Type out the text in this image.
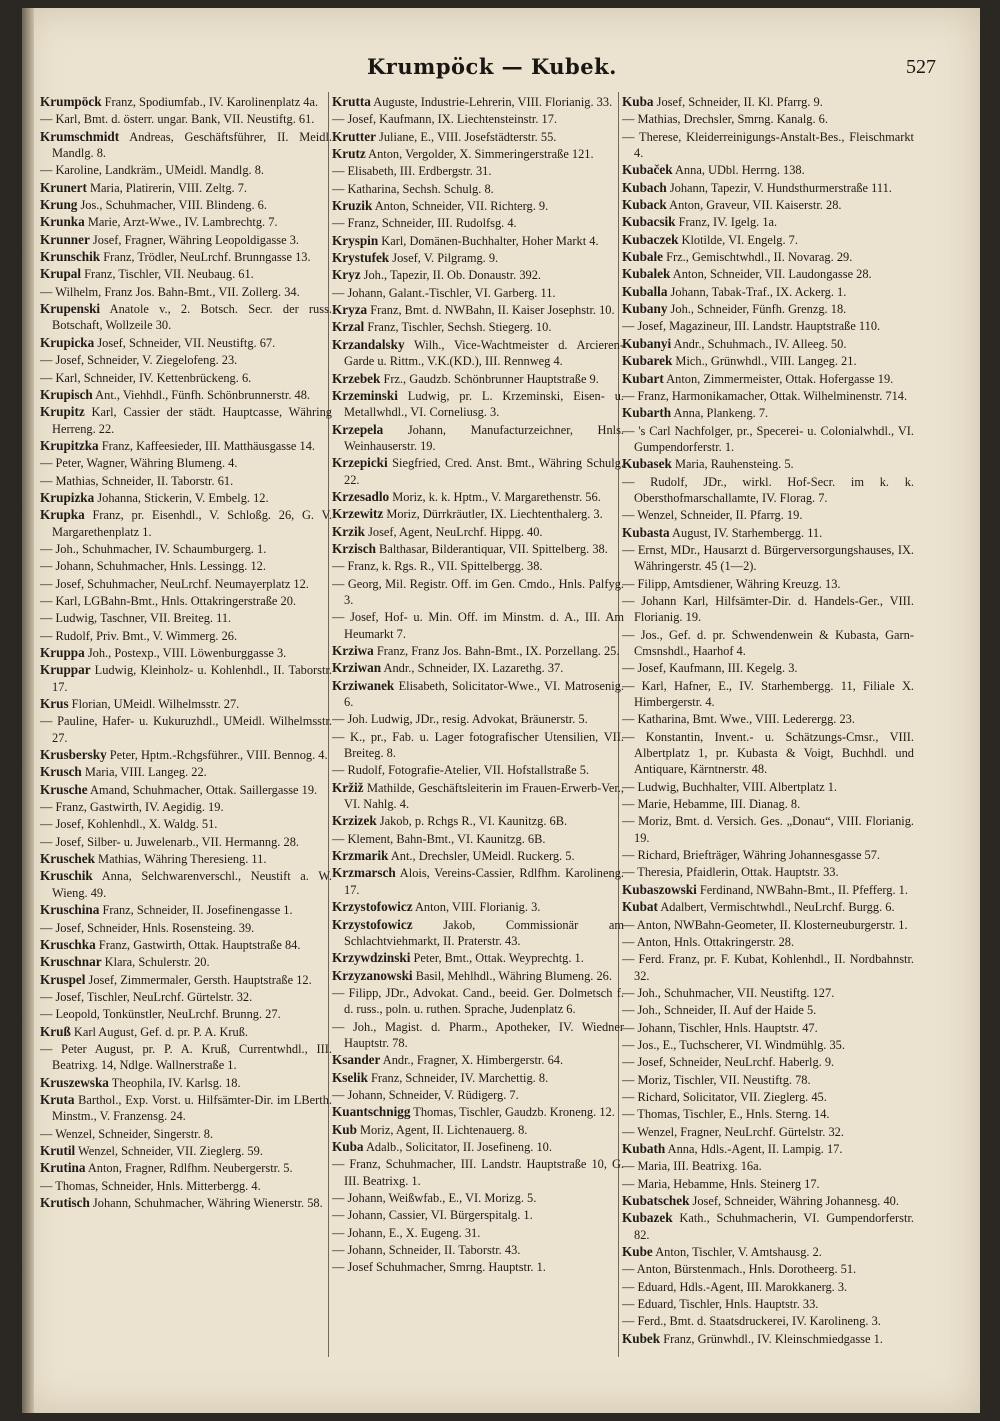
Krumpöck — Kubek.	527
Krumpöck Franz, Spodiumfab., IV. Karolinenplatz 4a.
— Karl, Bmt. d. österr. ungar. Bank, VII. Neustiftg. 61.
Krumschmidt Andreas, Geschäftsführer, II. Meidl. Mandlg. 8.
— Karoline, Landkräm., UMeidl. Mandlg. 8.
Krunert Maria, Platirerin, VIII. Zeltg. 7.
Krung Jos., Schuhmacher, VIII. Blindeng. 6.
Krunka Marie, Arzt-Wwe., IV. Lambrechtg. 7.
Krunner Josef, Fragner, Währing Leopoldigasse 3.
Krunschik Franz, Trödler, NeuLrchf. Brunngasse 13.
Krupal Franz, Tischler, VII. Neubaug. 61.
— Wilhelm, Franz Jos. Bahn-Bmt., VII. Zollerg. 34.
Krupenski Anatole v., 2. Botsch. Secr. der russ. Botschaft, Wollzeile 30.
Krupicka Josef, Schneider, VII. Neustiftg. 67.
— Josef, Schneider, V. Ziegelofeng. 23.
— Karl, Schneider, IV. Kettenbrückeng. 6.
Krupisch Ant., Viehhdl., Fünfh. Schönbrunnerstr. 48.
Krupitz Karl, Cassier der städt. Hauptcasse, Währing Herreng. 22.
Krupitzka Franz, Kaffeesieder, III. Matthäusgasse 14.
— Peter, Wagner, Währing Blumeng. 4.
— Mathias, Schneider, II. Taborstr. 61.
Krupizka Johanna, Stickerin, V. Embelg. 12.
Krupka Franz, pr. Eisenhdl., V. Schloßg. 26, G. V. Margarethenplatz 1.
— Joh., Schuhmacher, IV. Schaumburgerg. 1.
— Johann, Schuhmacher, Hnls. Lessingg. 12.
— Josef, Schuhmacher, NeuLrchf. Neumayerplatz 12.
— Karl, LGBahn-Bmt., Hnls. Ottakringerstraße 20.
— Ludwig, Taschner, VII. Breiteg. 11.
— Rudolf, Priv. Bmt., V. Wimmerg. 26.
Kruppa Joh., Postexp., VIII. Löwenburggasse 3.
Kruppar Ludwig, Kleinholz- u. Kohlenhdl., II. Taborstr. 17.
Krus Florian, UMeidl. Wilhelmsstr. 27.
— Pauline, Hafer- u. Kukuruzhdl., UMeidl. Wilhelmsstr. 27.
Krusbersky Peter, Hptm.-Rchgsführer., VIII. Bennog. 4.
Krusch Maria, VIII. Langeg. 22.
Krusche Amand, Schuhmacher, Ottak. Saillergasse 19.
— Franz, Gastwirth, IV. Aegidig. 19.
— Josef, Kohlenhdl., X. Waldg. 51.
— Josef, Silber- u. Juwelenarb., VII. Hermanng. 28.
Kruschek Mathias, Währing Theresieng. 11.
Kruschik Anna, Selchwarenverschl., Neustift a. W. Wieng. 49.
Kruschina Franz, Schneider, II. Josefinengasse 1.
— Josef, Schneider, Hnls. Rosensteing. 39.
Kruschka Franz, Gastwirth, Ottak. Hauptstraße 84.
Kruschnar Klara, Schulerstr. 20.
Kruspel Josef, Zimmermaler, Gersth. Hauptstraße 12.
— Josef, Tischler, NeuLrchf. Gürtelstr. 32.
— Leopold, Tonkünstler, NeuLrchf. Brunng. 27.
Kruß Karl August, Gef. d. pr. P. A. Kruß.
— Peter August, pr. P. A. Kruß, Currentwhdl., III. Beatrixg. 14, Ndlge. Wallnerstraße 1.
Kruszewska Theophila, IV. Karlsg. 18.
Kruta Barthol., Exp. Vorst. u. Hilfsämter-Dir. im LBerth. Minstm., V. Franzensg. 24.
— Wenzel, Schneider, Singerstr. 8.
Krutil Wenzel, Schneider, VII. Zieglerg. 59.
Krutina Anton, Fragner, Rdlfhm. Neubergerstr. 5.
— Thomas, Schneider, Hnls. Mitterbergg. 4.
Krutisch Johann, Schuhmacher, Währing Wienerstr. 58.
Krutta Auguste, Industrie-Lehrerin, VIII. Florianig. 33.
— Josef, Kaufmann, IX. Liechtensteinstr. 17.
Krutter Juliane, E., VIII. Josefstädterstr. 55.
Krutz Anton, Vergolder, X. Simmeringerstraße 121.
— Elisabeth, III. Erdbergstr. 31.
— Katharina, Sechsh. Schulg. 8.
Kruzik Anton, Schneider, VII. Richterg. 9.
— Franz, Schneider, III. Rudolfsg. 4.
Kryspin Karl, Domänen-Buchhalter, Hoher Markt 4.
Krystufek Josef, V. Pilgramg. 9.
Kryz Joh., Tapezir, II. Ob. Donaustr. 392.
— Johann, Galant.-Tischler, VI. Garberg. 11.
Kryza Franz, Bmt. d. NWBahn, II. Kaiser Josephstr. 10.
Krzal Franz, Tischler, Sechsh. Stiegerg. 10.
Krzandalsky Wilh., Vice-Wachtmeister d. Arcieren-Garde u. Rittm., V.K.(KD.), III. Rennweg 4.
Krzebek Frz., Gaudzb. Schönbrunner Hauptstraße 9.
Krzeminski Ludwig, pr. L. Krzeminski, Eisen- u. Metallwhdl., VI. Corneliusg. 3.
Krzepela Johann, Manufacturzeichner, Hnls. Weinhauserstr. 19.
Krzepicki Siegfried, Cred. Anst. Bmt., Währing Schulg. 22.
Krzesadlo Moriz, k. k. Hptm., V. Margarethenstr. 56.
Krzewitz Moriz, Dürrkräutler, IX. Liechtenthalerg. 3.
Krzik Josef, Agent, NeuLrchf. Hippg. 40.
Krzisch Balthasar, Bilderantiquar, VII. Spittelberg. 38.
— Franz, k. Rgs. R., VII. Spittelbergg. 38.
— Georg, Mil. Registr. Off. im Gen. Cmdo., Hnls. Palfyg. 3.
— Josef, Hof- u. Min. Off. im Minstm. d. A., III. Am Heumarkt 7.
Krziwa Franz, Franz Jos. Bahn-Bmt., IX. Porzellang. 25.
Krziwan Andr., Schneider, IX. Lazarethg. 37.
Krziwanek Elisabeth, Solicitator-Wwe., VI. Matrosenig. 6.
— Joh. Ludwig, JDr., resig. Advokat, Bräunerstr. 5.
— K., pr., Fab. u. Lager fotografischer Utensilien, VII. Breiteg. 8.
— Rudolf, Fotografie-Atelier, VII. Hofstallstraße 5.
Kržiž Mathilde, Geschäftsleiterin im Frauen-Erwerb-Ver., VI. Nahlg. 4.
Krzizek Jakob, p. Rchgs R., VI. Kaunitzg. 6B.
— Klement, Bahn-Bmt., VI. Kaunitzg. 6B.
Krzmarik Ant., Drechsler, UMeidl. Ruckerg. 5.
Krzmarsch Alois, Vereins-Cassier, Rdlfhm. Karolineng. 17.
Krzystofowicz Anton, VIII. Florianig. 3.
Krzystofowicz Jakob, Commissionär am Schlachtviehmarkt, II. Praterstr. 43.
Krzywdzinski Peter, Bmt., Ottak. Weyprechtg. 1.
Krzyzanowski Basil, Mehlhdl., Währing Blumeng. 26.
— Filipp, JDr., Advokat. Cand., beeid. Ger. Dolmetsch f. d. russ., poln. u. ruthen. Sprache, Judenplatz 6.
— Joh., Magist. d. Pharm., Apotheker, IV. Wiedner Hauptstr. 78.
Ksander Andr., Fragner, X. Himbergerstr. 64.
Kselik Franz, Schneider, IV. Marchettig. 8.
— Johann, Schneider, V. Rüdigerg. 7.
Kuantschnigg Thomas, Tischler, Gaudzb. Kroneng. 12.
Kub Moriz, Agent, II. Lichtenauerg. 8.
Kuba Adalb., Solicitator, II. Josefineng. 10.
— Franz, Schuhmacher, III. Landstr. Hauptstraße 10, G. III. Beatrixg. 1.
— Johann, Weißwfab., E., VI. Morizg. 5.
— Johann, Cassier, VI. Bürgerspitalg. 1.
— Johann, E., X. Eugeng. 31.
— Johann, Schneider, II. Taborstr. 43.
— Josef Schuhmacher, Smrng. Hauptstr. 1.
Kuba Josef, Schneider, II. Kl. Pfarrg. 9.
— Mathias, Drechsler, Smrng. Kanalg. 6.
— Therese, Kleiderreinigungs-Anstalt-Bes., Fleischmarkt 4.
Kubaček Anna, UDbl. Herrng. 138.
Kubach Johann, Tapezir, V. Hundsthurmerstraße 111.
Kuback Anton, Graveur, VII. Kaiserstr. 28.
Kubacsik Franz, IV. Igelg. 1a.
Kubaczek Klotilde, VI. Engelg. 7.
Kubale Frz., Gemischtwhdl., II. Novarag. 29.
Kubalek Anton, Schneider, VII. Laudongasse 28.
Kuballa Johann, Tabak-Traf., IX. Ackerg. 1.
Kubany Joh., Schneider, Fünfh. Grenzg. 18.
— Josef, Magazineur, III. Landstr. Hauptstraße 110.
Kubanyi Andr., Schuhmach., IV. Alleeg. 50.
Kubarek Mich., Grünwhdl., VIII. Langeg. 21.
Kubart Anton, Zimmermeister, Ottak. Hofergasse 19.
— Franz, Harmonikamacher, Ottak. Wilhelminenstr. 714.
Kubarth Anna, Plankeng. 7.
— 's Carl Nachfolger, pr., Specerei- u. Colonialwhdl., VI. Gumpendorferstr. 1.
Kubasek Maria, Rauhensteing. 5.
— Rudolf, JDr., wirkl. Hof-Secr. im k. k. Obersthofmarschallamte, IV. Florag. 7.
— Wenzel, Schneider, II. Pfarrg. 19.
Kubasta August, IV. Starhembergg. 11.
— Ernst, MDr., Hausarzt d. Bürgerversorgungshauses, IX. Währingerstr. 45 (1—2).
— Filipp, Amtsdiener, Währing Kreuzg. 13.
— Johann Karl, Hilfsämter-Dir. d. Handels-Ger., VIII. Florianig. 19.
— Jos., Gef. d. pr. Schwendenwein & Kubasta, Garn-Cmsnshdl., Haarhof 4.
— Josef, Kaufmann, III. Kegelg. 3.
— Karl, Hafner, E., IV. Starhembergg. 11, Filiale X. Himbergerstr. 4.
— Katharina, Bmt. Wwe., VIII. Lederergg. 23.
— Konstantin, Invent.- u. Schätzungs-Cmsr., VIII. Albertplatz 1, pr. Kubasta & Voigt, Buchhdl. und Antiquare, Kärntnerstr. 48.
— Ludwig, Buchhalter, VIII. Albertplatz 1.
— Marie, Hebamme, III. Dianag. 8.
— Moriz, Bmt. d. Versich. Ges. „Donau“, VIII. Florianig. 19.
— Richard, Briefträger, Währing Johannesgasse 57.
— Theresia, Pfaidlerin, Ottak. Hauptstr. 33.
Kubaszowski Ferdinand, NWBahn-Bmt., II. Pfefferg. 1.
Kubat Adalbert, Vermischtwhdl., NeuLrchf. Burgg. 6.
— Anton, NWBahn-Geometer, II. Klosterneuburgerstr. 1.
— Anton, Hnls. Ottakringerstr. 28.
— Ferd. Franz, pr. F. Kubat, Kohlenhdl., II. Nordbahnstr. 32.
— Joh., Schuhmacher, VII. Neustiftg. 127.
— Joh., Schneider, II. Auf der Haide 5.
— Johann, Tischler, Hnls. Hauptstr. 47.
— Jos., E., Tuchscherer, VI. Windmühlg. 35.
— Josef, Schneider, NeuLrchf. Haberlg. 9.
— Moriz, Tischler, VII. Neustiftg. 78.
— Richard, Solicitator, VII. Zieglerg. 45.
— Thomas, Tischler, E., Hnls. Sterng. 14.
— Wenzel, Fragner, NeuLrchf. Gürtelstr. 32.
Kubath Anna, Hdls.-Agent, II. Lampig. 17.
— Maria, III. Beatrixg. 16a.
— Maria, Hebamme, Hnls. Steinerg 17.
Kubatschek Josef, Schneider, Währing Johannesg. 40.
Kubazek Kath., Schuhmacherin, VI. Gumpendorferstr. 82.
Kube Anton, Tischler, V. Amtshausg. 2.
— Anton, Bürstenmach., Hnls. Dorotheerg. 51.
— Eduard, Hdls.-Agent, III. Marokkanerg. 3.
— Eduard, Tischler, Hnls. Hauptstr. 33.
— Ferd., Bmt. d. Staatsdruckerei, IV. Karolineng. 3.
Kubek Franz, Grünwhdl., IV. Kleinschmiedgasse 1.
